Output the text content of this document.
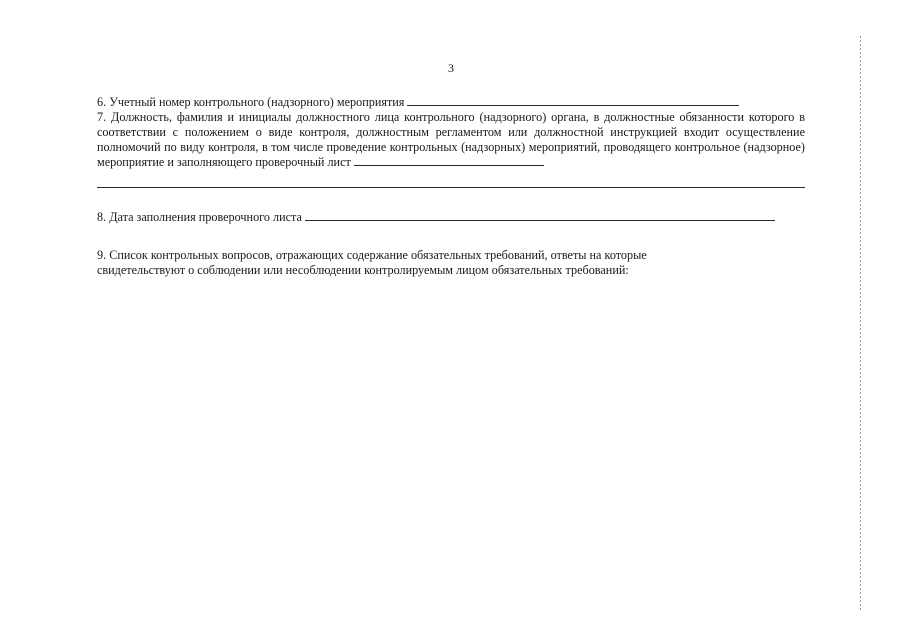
3

6. Учетный номер контрольного (надзорного) мероприятия

7. Должность, фамилия и инициалы должностного лица контрольного (надзорного) органа, в должностные обязанности которого в соответствии с положением о виде контроля, должностным регламентом или должностной инструкцией входит осуществление полномочий по виду контроля, в том числе проведение контрольных (надзорных) мероприятий, проводящего контрольное (надзорное) мероприятие и заполняющего проверочный лист

8. Дата заполнения проверочного листа

9. Список контрольных вопросов, отражающих содержание обязательных требований, ответы на которые
свидетельствуют о соблюдении или несоблюдении контролируемым лицом обязательных требований:
